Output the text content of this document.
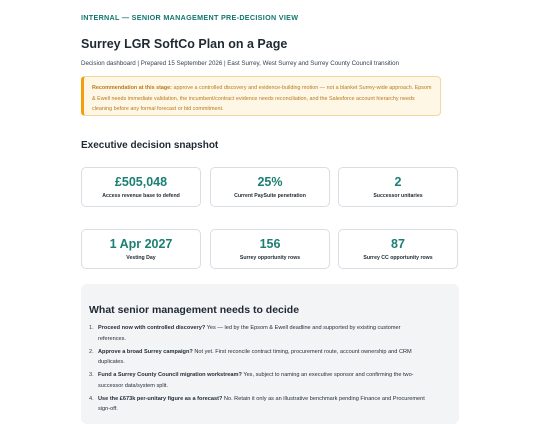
INTERNAL — SENIOR MANAGEMENT PRE-DECISION VIEW
Surrey LGR SoftCo Plan on a Page
Decision dashboard | Prepared 15 September 2026 | East Surrey, West Surrey and Surrey County Council transition
Recommendation at this stage: approve a controlled discovery and evidence-building motion — not a blanket Surrey-wide approach. Epsom & Ewell needs immediate validation, the incumbent/contract evidence needs reconciliation, and the Salesforce account hierarchy needs cleaning before any formal forecast or bid commitment.
Executive decision snapshot
£505,048
Access revenue base to defend
25%
Current PaySuite penetration
2
Successor unitaries
1 Apr 2027
Vesting Day
156
Surrey opportunity rows
87
Surrey CC opportunity rows
What senior management needs to decide
1. Proceed now with controlled discovery? Yes — led by the Epsom & Ewell deadline and supported by existing customer references.
2. Approve a broad Surrey campaign? Not yet. First reconcile contract timing, procurement route, account ownership and CRM duplicates.
3. Fund a Surrey County Council migration workstream? Yes, subject to naming an executive sponsor and confirming the two-successor data/system split.
4. Use the £673k per-unitary figure as a forecast? No. Retain it only as an illustrative benchmark pending Finance and Procurement sign-off.
